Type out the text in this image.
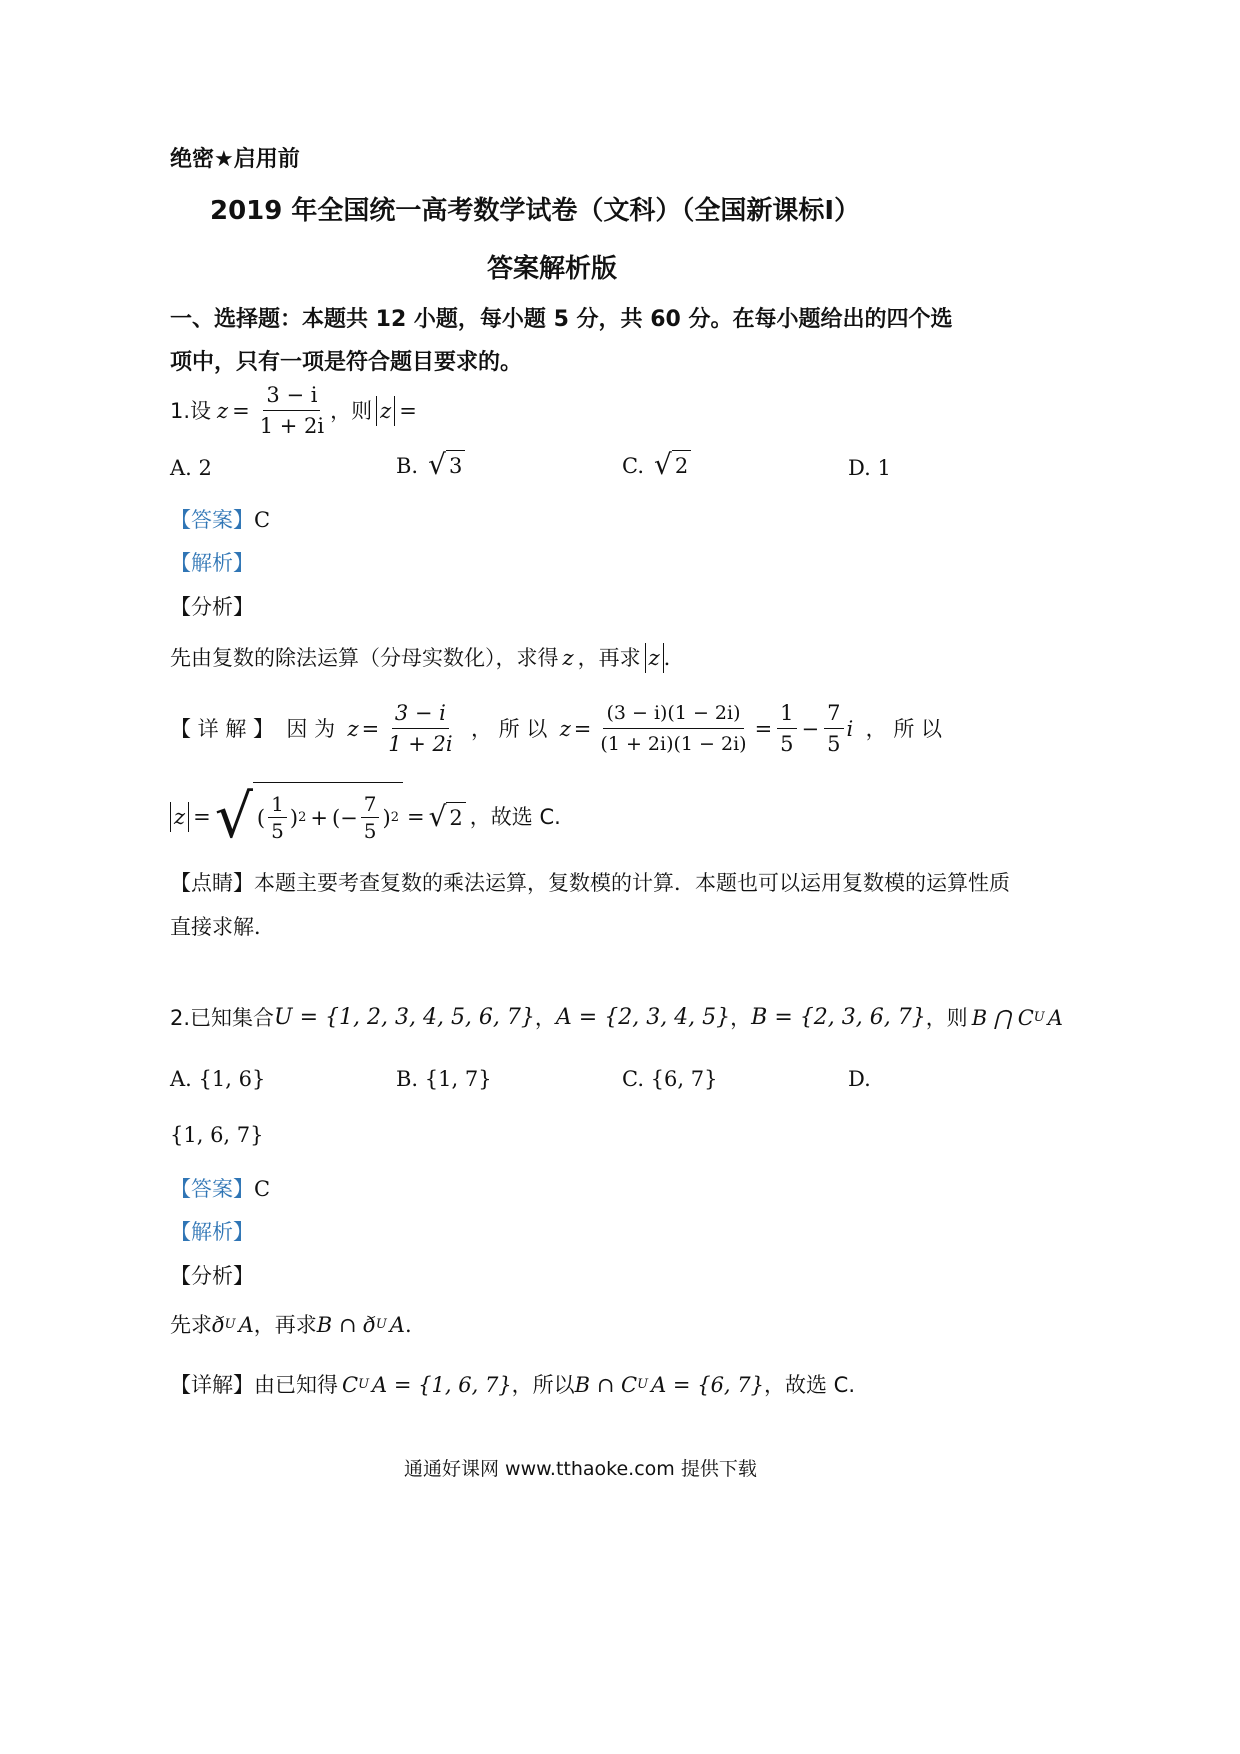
绝密★启用前
2019 年全国统一高考数学试卷（文科）（全国新课标Ⅰ）
答案解析版
一、选择题：本题共 12 小题，每小题 5 分，共 60 分。在每小题给出的四个选
项中，只有一项是符合题目要求的。
1.设 $z = \frac{3 - i}{1 + 2i}$ ，则 z =
A. 2	B. √ 3	C. √ 2	D. 1
【答案】C
【解析】
【分析】
先由复数的除法运算（分母实数化），求得 z ，再求 z .
【 详 解 】 因 为 $z = \frac{3 - i}{1 + 2i}$ ， 所 以 $z = \frac{(3 - i)(1 - 2i)}{(1 + 2i)(1 - 2i)} = \frac{1}{5} - \frac{7}{5}$ i ， 所 以
z = √ ( $\frac{1}{5}$ ) 2 + (− $\frac{7}{5}$ ) 2 = √ 2 ，故选 C.
【点睛】本题主要考查复数的乘法运算，复数模的计算．本题也可以运用复数模的运算性质
直接求解．
2.已知集合 U = {1, 2, 3, 4, 5, 6, 7} ， A = {2, 3, 4, 5} ， B = {2, 3, 6, 7} ，则 B ⋂ C U A
A. {1, 6}	B. {1, 7}	C. {6, 7}	D.
{1, 6, 7}
【答案】C
【解析】
【分析】
先求 ð U A ，再求 B ∩ ð U A .
【详解】 由已知得 C U A = {1, 6, 7} ，所以 B ∩ C U A = {6, 7} ，故选 C.
通通好课网 www.tthaoke.com 提供下载
